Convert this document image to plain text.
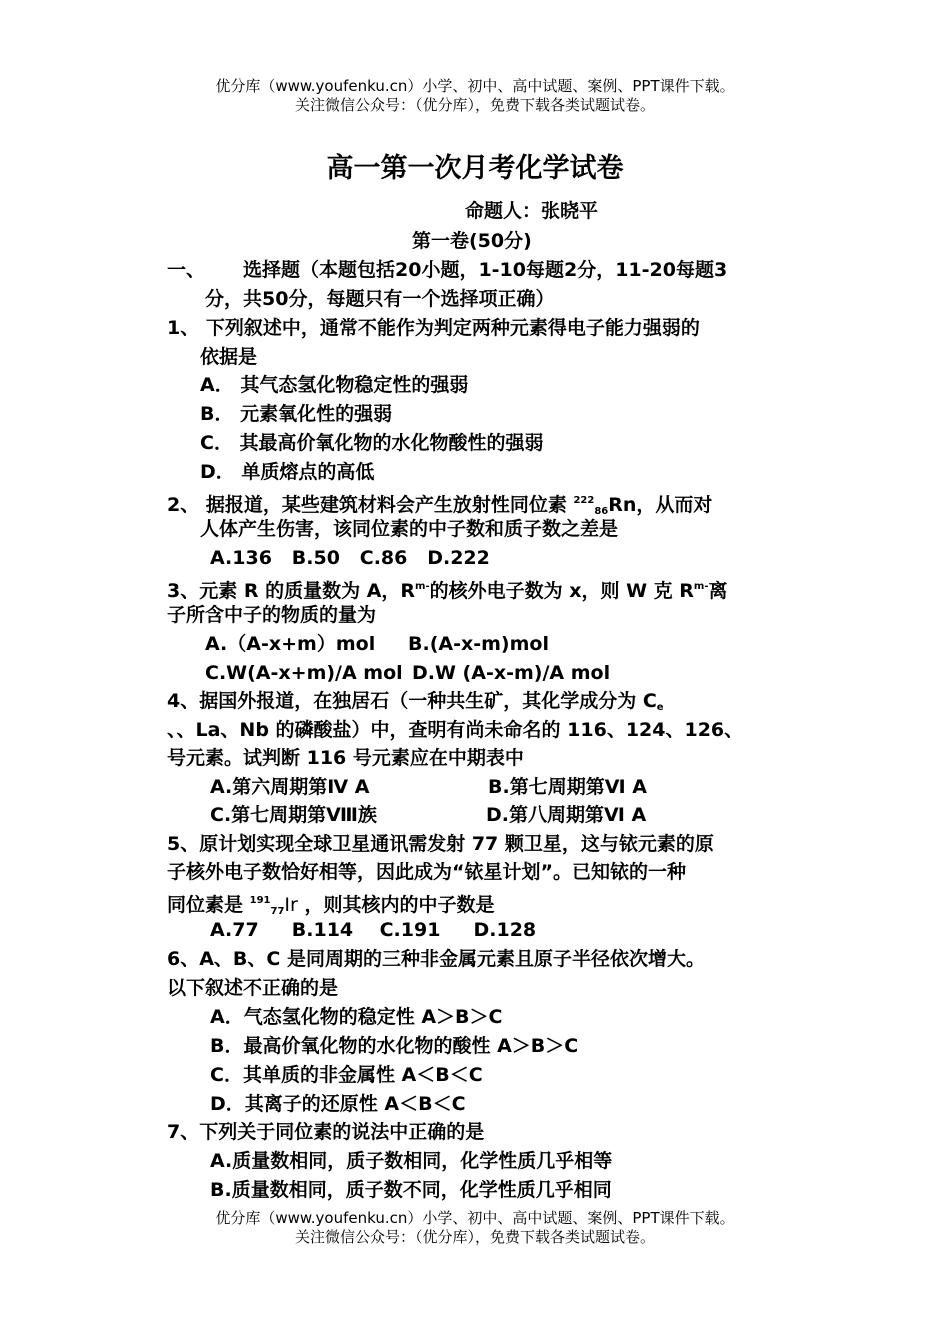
优分库（www.youfenku.cn）小学、初中、高中试题、案例、PPT课件下载。
关注微信公众号：（优分库），免费下载各类试题试卷。
高一第一次月考化学试卷
命题人：张晓平
第一卷(50分)
一、 选择题（本题包括20小题，1-10每题2分，11-20每题3
分，共50分，每题只有一个选择项正确）
1、 下列叙述中，通常不能作为判定两种元素得电子能力强弱的
依据是
A． 其气态氢化物稳定性的强弱
B． 元素氧化性的强弱
C． 其最高价氧化物的水化物酸性的强弱
D． 单质熔点的高低
2、 据报道，某些建筑材料会产生放射性同位素 $^{222}_{86}$Rn，从而对
人体产生伤害，该同位素的中子数和质子数之差是
A.136   B.50   C.86   D.222
3、元素 R 的质量数为 A，$R^{m-}$的核外电子数为 x，则 W 克 $R^{m-}$离
子所含中子的物质的量为
A.（A-x+m）mol B.(A-x-m)mol
C.W(A-x+m)/A mol D.W (A-x-m)/A mol
4、据国外报道，在独居石（一种共生矿，其化学成分为 $C_e$
、、La、Nb 的磷酸盐）中，查明有尚未命名的 116、124、126、
号元素。试判断 116 号元素应在中期表中
A.第六周期第Ⅳ A	B.第七周期第Ⅵ A
C.第七周期第Ⅷ族	D.第八周期第Ⅵ A
5、原计划实现全球卫星通讯需发射 77 颗卫星，这与铱元素的原
子核外电子数恰好相等，因此成为“铱星计划”。已知铱的一种
同位素是 $^{191}_{77}$Ir ，则其核内的中子数是
A.77     B.114    C.191     D.128
6、A、B、C 是同周期的三种非金属元素且原子半径依次增大。
以下叙述不正确的是
A．气态氢化物的稳定性 A＞B＞C
B．最高价氧化物的水化物的酸性 A＞B＞C
C．其单质的非金属性 A＜B＜C
D．其离子的还原性 A＜B＜C
7、下列关于同位素的说法中正确的是
A.质量数相同，质子数相同，化学性质几乎相等
B.质量数相同，质子数不同，化学性质几乎相同
优分库（www.youfenku.cn）小学、初中、高中试题、案例、PPT课件下载。
关注微信公众号：（优分库），免费下载各类试题试卷。
